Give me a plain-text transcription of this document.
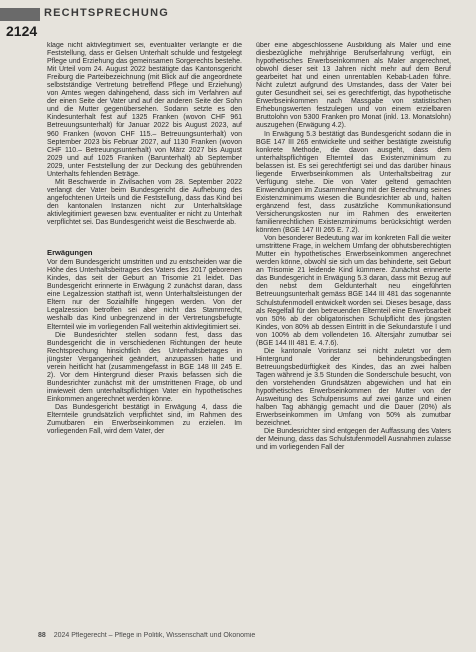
RECHTSPRECHUNG
2124

klage nicht aktivlegitimiert sei, eventualiter verlangte er die Feststellung, dass er Gelsen Unterhalt schulde und festgelegt Pflege und Erziehung das gemeinsamen Sorgerechts bestehe. Mit Urteil vom 24. August 2022 bestätigte das Kantonsgericht Freiburg die Parteibezeichnung (mit Blick auf die angeordnete selbstständige Vertretung betreffend Pflege und Erziehung) von Amtes wegen dahingehend, dass sich im Verfahren auf der einen Seite der Vater und auf der anderen Seite der Sohn und die Mutter gegenübersehen. Sodann setzte es den Kindesunterhalt fest auf 1325 Franken (wovon CHF 961 Betreuungsunterhalt) für Januar 2022 bis August 2023, auf 960 Franken (wovon CHF 115.– Betreuungsunterhalt) von September 2023 bis Februar 2027, auf 1130 Franken (wovon CHF 110.– Betreuungsunterhalt) von März 2027 bis August 2029 und auf 1025 Franken (Barunterhalt) ab September 2029, unter Feststellung der zur Deckung des gebührenden Unterhalts fehlenden Beträge.

Mit Beschwerde in Zivilsachen vom 28. September 2022 verlangt der Vater beim Bundesgericht die Aufhebung des angefochtenen Urteils und die Feststellung, dass das Kind bei den kantonalen Instanzen nicht zur Unterhaltsklage aktivlegitimiert gewesen bzw. eventualiter er nicht zu Unterhalt verpflichtet sei. Das Bundesgericht weist die Beschwerde ab.

Erwägungen

Vor dem Bundesgericht umstritten und zu entscheiden war die Höhe des Unterhaltsbeitrages des Vaters des 2017 geborenen Kindes, das seit der Geburt an Trisomie 21 leidet. Das Bundesgericht erinnerte in Erwägung 2 zunächst daran, dass eine Legalzession statthaft ist, wenn Unterhaltsleistungen der Eltern nur der Sozialhilfe hingegen werden. Von der Legalzession betroffen sei aber nicht das Stammrecht, weshalb das Kind unbegrenzend in der Vertretungsbefugte Elternteil wie im vorliegenden Fall weiterhin aktivlegitimiert sei.

Die Bundesrichter stellen sodann fest, dass das Bundesgericht die in verschiedenen Richtungen der heute Rechtsprechung hinsichtlich des Unterhaltsbetrages in jüngster Vergangenheit geändert, anzupassen hatte und verein heitlicht hat (zusammengefasst in BGE 148 III 245 E. 2). Vor dem Hintergrund dieser Praxis befassen sich die Bundesrichter zunächst mit der umstrittenen Frage, ob und inwieweit dem unterhaltspflichtigen Vater ein hypothetisches Einkommen angerechnet werden könne.

Das Bundesgericht bestätigt in Erwägung 4, dass die Elternteile grundsätzlich verpflichtet sind, im Rahmen des Zumutbaren ein Erwerbseinkommen zu erzielen. Im vorliegenden Fall, wird dem Vater, der

über eine abgeschlossene Ausbildung als Maler und eine diesbezügliche mehrjährige Berufserfahrung verfügt, ein hypothetisches Erwerbseinkommen als Maler angerechnet, obwohl dieser seit 13 Jahren nicht mehr auf dem Beruf gearbeitet hat und einen unrentablen Kebab-Laden führe. Nicht zuletzt aufgrund des Umstandes, dass der Vater bei guter Gesundheit sei, sei es gerechtfertigt, das hypothetische Erwerbseinkommen nach Massgabe von statistischen Erhebungswerten festzulegen und von einem erzielbaren Bruttolohn von 5300 Franken pro Monat (inkl. 13. Monatslohn) auszugehen (Erwägung 4.2).

In Erwägung 5.3 bestätigt das Bundesgericht sodann die in BGE 147 III 265 entwickelte und seither bestätigte zweistufig konkrete Methode, die davon ausgeht, dass dem unterhaltspflichtigen Elternteil das Existenzminimum zu belassen ist. Es sei gerechtfertigt sei und das darüber hinaus liegende Erwerbseinkommen als Unterhaltsbeitrag zur Verfügung stehe. Die von Vater geltend gemachten Einwendungen im Zusammenhang mit der Berechnung seines Existenzminimums wiesen die Bundesrichter ab und, halten ergänzend fest, dass zusätzliche Kommunikationsund Versicherungskosten nur im Rahmen des erweiterten familienrechtlichen Existenzminimums berücksichtigt werden könnten (BGE 147 III 265 E. 7.2).

Von besonderer Bedeutung war im konkreten Fall die weiter umstrittene Frage, in welchem Umfang der obhutsberechtigten Mutter ein hypothetisches Erwerbseinkommen angerechnet werden könne, obwohl sie sich um das behinderte, seit Geburt an Trisomie 21 leidende Kind kümmere. Zunächst erinnerte das Bundesgericht in Erwägung 5.3 daran, dass mit Bezug auf den nebst dem Geldunterhalt neu eingeführten Betreuungsunterhalt gemäss BGE 144 III 481 das sogenannte Schulstufenmodell entwickelt worden sei. Dieses besage, dass als Regelfall für den betreuenden Elternteil eine Erwerbsarbeit von 50% ab der obligatorischen Schulpflicht des jüngsten Kindes, von 80% ab dessen Eintritt in die Sekundarstufe I und von 100% ab dem vollendeten 16. Altersjahr zumutbar sei (BGE 144 III 481 E. 4.7.6).

Die kantonale Vorinstanz sei nicht zuletzt vor dem Hintergrund der behinderungsbedingten Betreuungsbedürftigkeit des Kindes, das an zwei halben Tagen während je 3.5 Stunden die Sonderschule besucht, von den vorstehenden Grundsätzen abgewichen und hat ein hypothetisches Erwerbseinkommen der Mutter von der Ausweitung des Schulpensums auf zwei ganze und einen halben Tag abhängig gemacht und die Dauer (20%) als Erwerbseinkommen im Umfang von 50% als zumutbar bezeichnet.

Die Bundesrichter sind entgegen der Auffassung des Vaters der Meinung, dass das Schulstufenmodell Ausnahmen zulasse und im vorliegenden Fall der

88 2024 Pflegerecht – Pflege in Politik, Wissenschaft und Ökonomie
